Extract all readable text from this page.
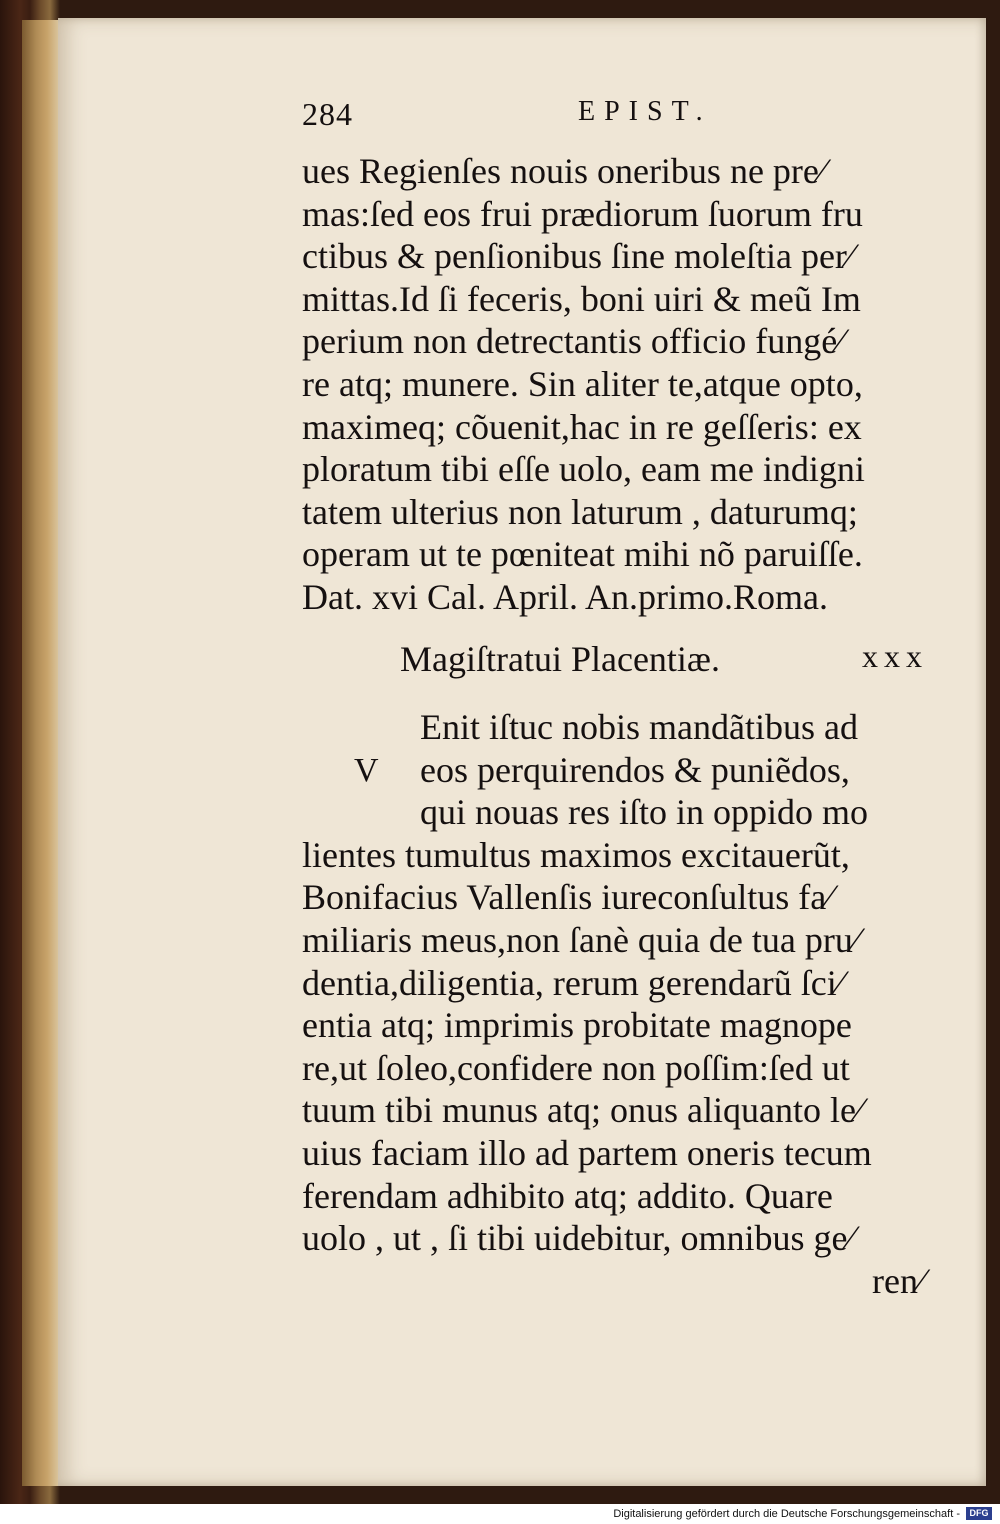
284	EPIST.
ues Regienſes nouis oneribus ne pre⁄
mas:ſed eos frui prædiorum ſuorum fru
ctibus & penſionibus ſine moleſtia per⁄
mittas.Id ſi feceris, boni uiri & meũ Im
perium non detrectantis officio fungé⁄
re atq; munere. Sin aliter te,atque opto,
maximeq; cõuenit,hac in re geſſeris: ex
ploratum tibi eſſe uolo, eam me indigni
tatem ulterius non laturum , daturumq;
operam ut te pœniteat mihi nõ paruiſſe.
Dat. xvi Cal. April. An.primo.Roma.
Magiſtratui Placentiæ.	xxx
V
Enit iſtuc nobis mandãtibus ad
eos perquirendos & puniẽdos,
qui nouas res iſto in oppido mo
lientes tumultus maximos excitauerũt,
Bonifacius Vallenſis iureconſultus fa⁄
miliaris meus,non ſanè quia de tua pru⁄
dentia,diligentia, rerum gerendarũ ſci⁄
entia atq; imprimis probitate magnope
re,ut ſoleo,confidere non poſſim:ſed ut
tuum tibi munus atq; onus aliquanto le⁄
uius faciam illo ad partem oneris tecum
ferendam adhibito atq; addito. Quare
uolo , ut , ſi tibi uidebitur, omnibus ge⁄
ren⁄
Digitalisierung gefördert durch die Deutsche Forschungsgemeinschaft -	DFG
